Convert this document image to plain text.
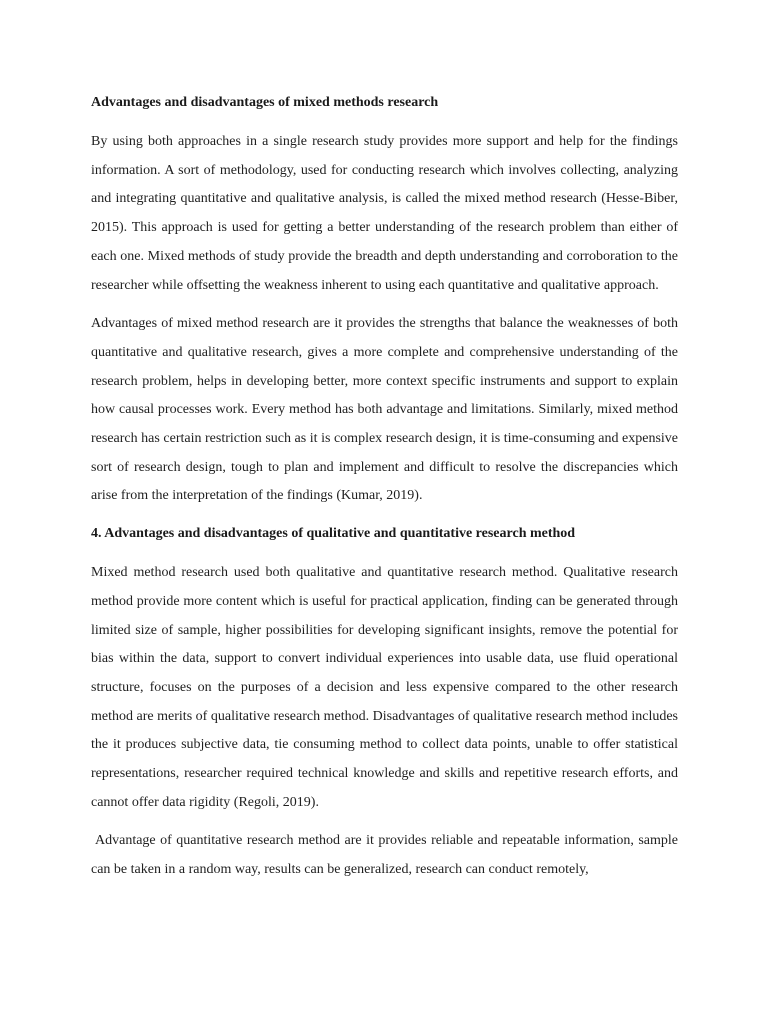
Advantages and disadvantages of mixed methods research

By using both approaches in a single research study provides more support and help for the findings information. A sort of methodology, used for conducting research which involves collecting, analyzing and integrating quantitative and qualitative analysis, is called the mixed method research (Hesse-Biber, 2015). This approach is used for getting a better understanding of the research problem than either of each one. Mixed methods of study provide the breadth and depth understanding and corroboration to the researcher while offsetting the weakness inherent to using each quantitative and qualitative approach.

Advantages of mixed method research are it provides the strengths that balance the weaknesses of both quantitative and qualitative research, gives a more complete and comprehensive understanding of the research problem, helps in developing better, more context specific instruments and support to explain how causal processes work. Every method has both advantage and limitations. Similarly, mixed method research has certain restriction such as it is complex research design, it is time-consuming and expensive sort of research design, tough to plan and implement and difficult to resolve the discrepancies which arise from the interpretation of the findings (Kumar, 2019).

4. Advantages and disadvantages of qualitative and quantitative research method

Mixed method research used both qualitative and quantitative research method. Qualitative research method provide more content which is useful for practical application, finding can be generated through limited size of sample, higher possibilities for developing significant insights, remove the potential for bias within the data, support to convert individual experiences into usable data, use fluid operational structure, focuses on the purposes of a decision and less expensive compared to the other research method are merits of qualitative research method. Disadvantages of qualitative research method includes the it produces subjective data, tie consuming method to collect data points, unable to offer statistical representations, researcher required technical knowledge and skills and repetitive research efforts, and cannot offer data rigidity (Regoli, 2019).

Advantage of quantitative research method are it provides reliable and repeatable information, sample can be taken in a random way, results can be generalized, research can conduct remotely,
